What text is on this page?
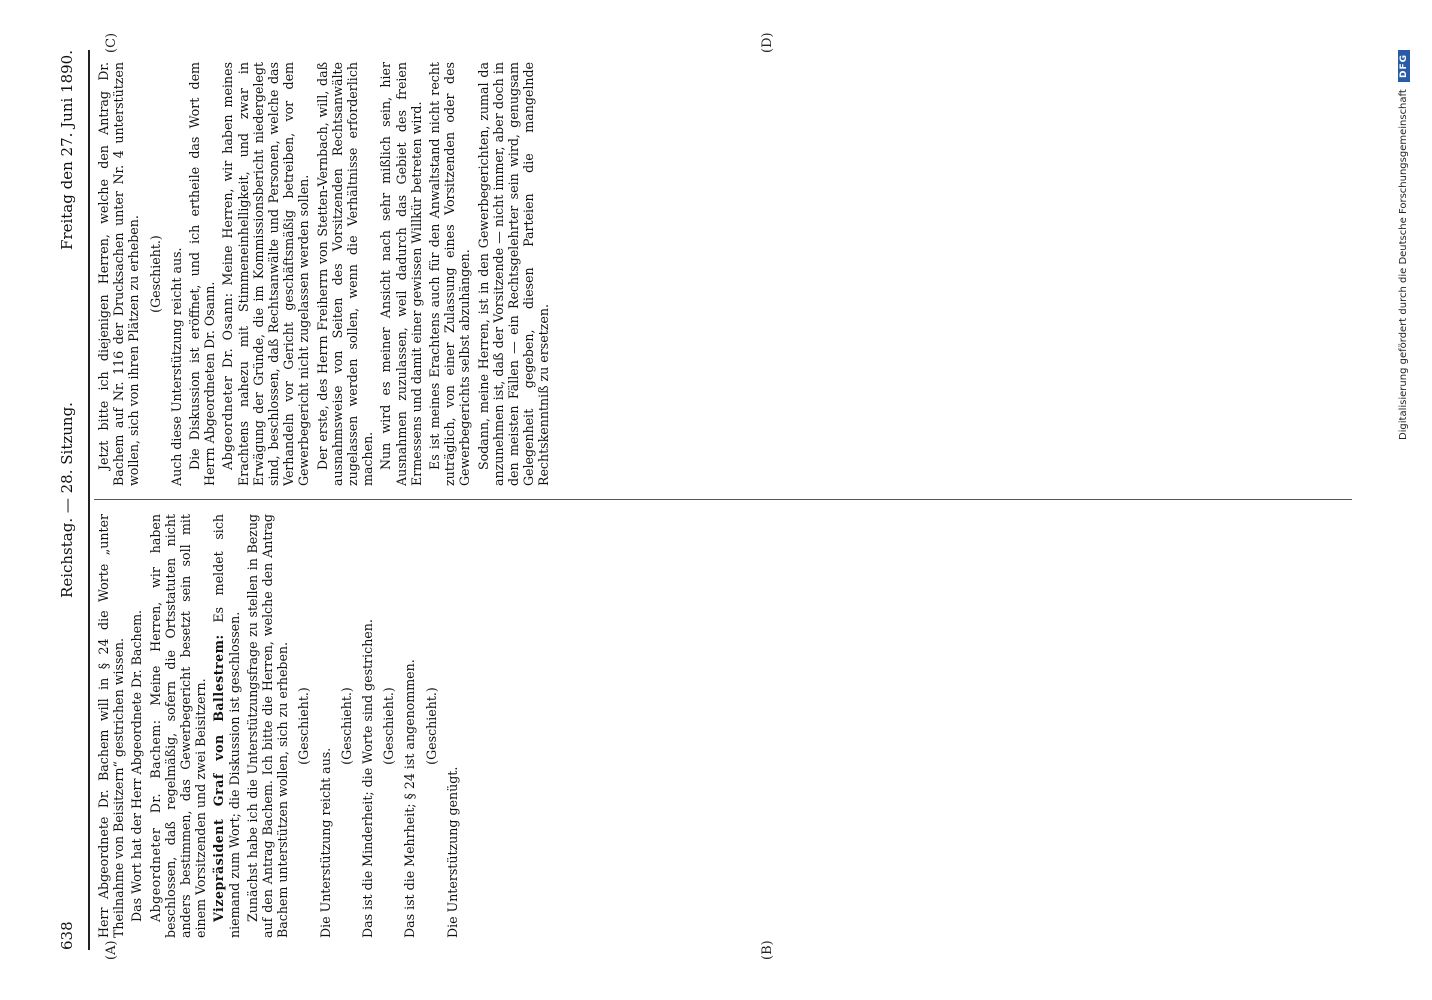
638
Reichstag. — 28. Sitzung.
Freitag den 27. Juni 1890.
(A)	(B)
(C)	(D)

Herr Abgeordnete Dr. Bachem will in § 24 die Worte „unter Theilnahme von Beisitzern“ gestrichen wissen. Das Wort hat der Herr Abgeordnete Dr. Bachem. Abgeordneter Dr. Bachem: Meine Herren, wir haben beschlossen, daß regelmäßig, sofern die Ortsstatuten nicht anders bestimmen, das Gewerbegericht besetzt sein soll mit einem Vorsitzenden und zwei Beisitzern. Vizepräsident Graf von Ballestrem: Es meldet sich niemand zum Wort; die Diskussion ist geschlossen. Zunächst habe ich die Unterstützungsfrage zu stellen in Bezug auf den Antrag Bachem. Ich bitte die Herren, welche den Antrag Bachem unterstützen wollen, sich zu erheben. (Geschieht.)

Die Unterstützung reicht aus.

(Geschieht.) Das ist die Minderheit; die Worte sind gestrichen. (Geschieht.) Das ist die Mehrheit; § 24 ist angenommen. (Geschieht.)

Die Unterstützung genügt.

Jetzt bitte ich diejenigen Herren, welche den Antrag Dr. Bachem auf Nr. 116 der Drucksachen unter Nr. 4 unterstützen wollen, sich von ihren Plätzen zu erheben. (Geschieht.) Auch diese Unterstützung reicht aus. Die Diskussion ist eröffnet, und ich ertheile das Wort dem Herrn Abgeordneten Dr. Osann. Abgeordneter Dr. Osann: Meine Herren, wir haben meines Erachtens nahezu mit Stimmeneinhelligkeit, und zwar in Erwägung der Gründe, die im Kommissionsbericht niedergelegt sind, beschlossen, daß Rechtsanwälte und Personen, welche das Verhandeln vor Gericht geschäftsmäßig betreiben, vor dem Gewerbegericht nicht zugelassen werden sollen. Der erste, des Herrn Freiherrn von Stetten-Vernbach, will, daß ausnahmsweise von Seiten des Vorsitzenden Rechtsanwälte zugelassen werden sollen, wenn die Verhältnisse erforderlich machen. Nun wird es meiner Ansicht nach sehr mißlich sein, hier Ausnahmen zuzulassen, weil dadurch das Gebiet des freien Ermessens und damit einer gewissen Willkür betreten wird. Es ist meines Erachtens auch für den Anwaltstand nicht recht zuträglich, von einer Zulassung eines Vorsitzenden oder des Gewerbegerichts selbst abzuhängen. Sodann, meine Herren, ist in den Gewerbegerichten, zumal da anzunehmen ist, daß der Vorsitzende — nicht immer, aber doch in den meisten Fällen — ein Rechtsgelehrter sein wird, genugsam Gelegenheit gegeben, diesen Parteien die mangelnde Rechtskenntniß zu ersetzen.	Digitalisierung gefördert durch die Deutsche Forschungsgemeinschaft DFG
